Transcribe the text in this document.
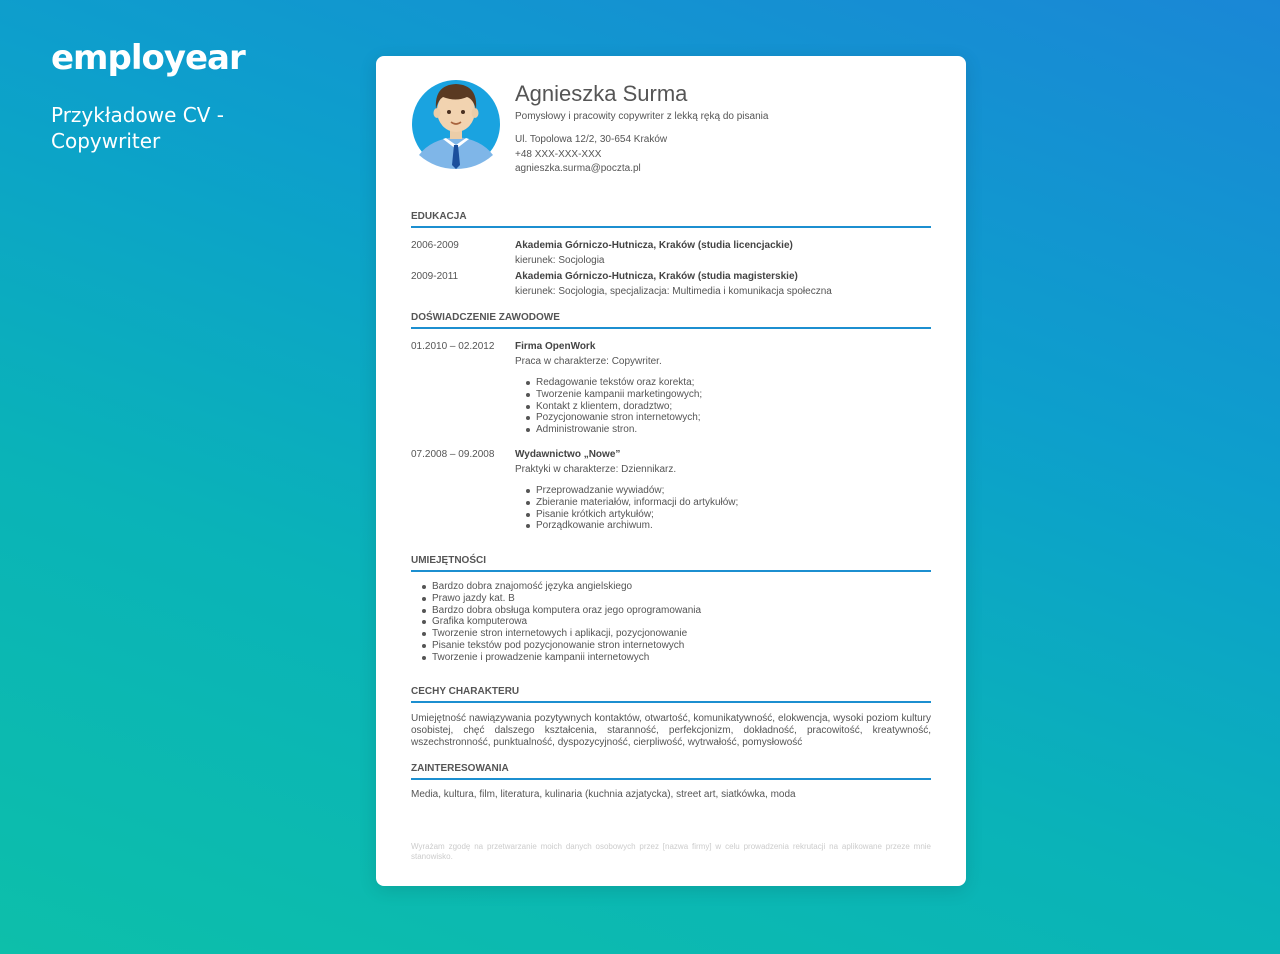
employear
Przykładowe CV - Copywriter
Agnieszka Surma
Pomysłowy i pracowity copywriter z lekką ręką do pisania
Ul. Topolowa 12/2, 30-654 Kraków
+48 XXX-XXX-XXX
agnieszka.surma@poczta.pl
EDUKACJA
2006-2009	Akademia Górniczo-Hutnicza, Kraków (studia licencjackie)
kierunek: Socjologia
2009-2011	Akademia Górniczo-Hutnicza, Kraków (studia magisterskie)
kierunek: Socjologia, specjalizacja: Multimedia i komunikacja społeczna
DOŚWIADCZENIE ZAWODOWE
01.2010 – 02.2012 Firma OpenWork
Praca w charakterze: Copywriter.
Redagowanie tekstów oraz korekta;
Tworzenie kampanii marketingowych;
Kontakt z klientem, doradztwo;
Pozycjonowanie stron internetowych;
Administrowanie stron.
07.2008 – 09.2008 Wydawnictwo „Nowe”
Praktyki w charakterze: Dziennikarz.
Przeprowadzanie wywiadów;
Zbieranie materiałów, informacji do artykułów;
Pisanie krótkich artykułów;
Porządkowanie archiwum.
UMIEJĘTNOŚCI
Bardzo dobra znajomość języka angielskiego
Prawo jazdy kat. B
Bardzo dobra obsługa komputera oraz jego oprogramowania
Grafika komputerowa
Tworzenie stron internetowych i aplikacji, pozycjonowanie
Pisanie tekstów pod pozycjonowanie stron internetowych
Tworzenie i prowadzenie kampanii internetowych
CECHY CHARAKTERU
Umiejętność nawiązywania pozytywnych kontaktów, otwartość, komunikatywność, elokwencja, wysoki poziom kultury osobistej, chęć dalszego kształcenia, staranność, perfekcjonizm, dokładność, pracowitość, kreatywność, wszechstronność, punktualność, dyspozycyjność, cierpliwość, wytrwałość, pomysłowość
ZAINTERESOWANIA
Media, kultura, film, literatura, kulinaria (kuchnia azjatycka), street art, siatkówka, moda
Wyrażam zgodę na przetwarzanie moich danych osobowych przez [nazwa firmy] w celu prowadzenia rekrutacji na aplikowane przeze mnie stanowisko.
